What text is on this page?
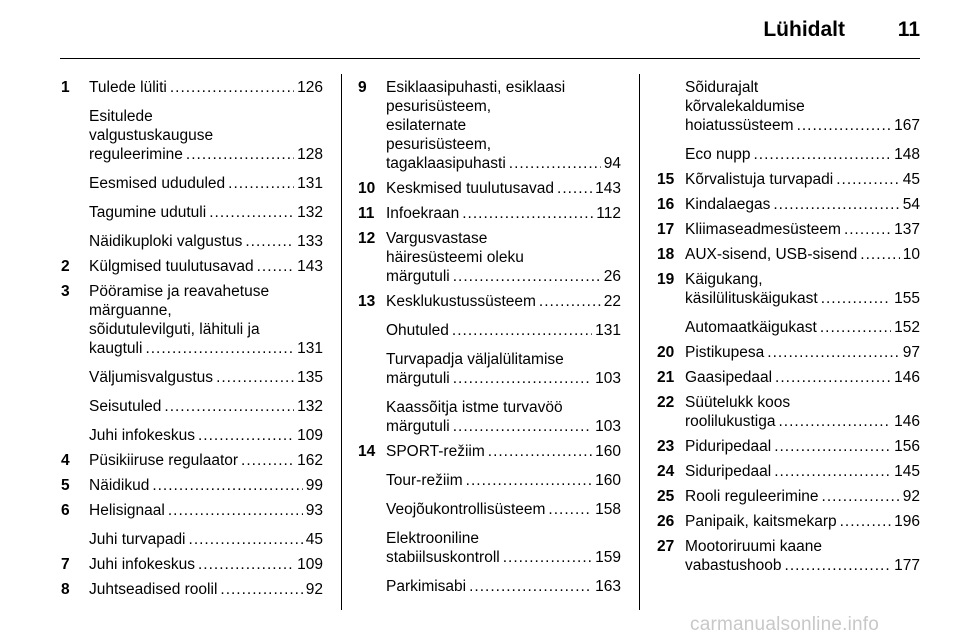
Lühidalt	11
1	Tulede lüliti .....	126
Esitulede
valgustuskauguse
reguleerimine .....	128
Eesmised ududuled .....	131
Tagumine udutuli .....	132
Näidikuploki valgustus .....	133
2	Külgmised tuulutusavad .....	143
3	Pööramise ja reavahetuse
märguanne,
sõidutulevilguti, lähituli ja
kaugtuli .....	131
Väljumisvalgustus .....	135
Seisutuled .....	132
Juhi infokeskus .....	109
4	Püsikiiruse regulaator .....	162
5	Näidikud .....	99
6	Helisignaal .....	93
Juhi turvapadi .....	45
7	Juhi infokeskus .....	109
8	Juhtseadised roolil .....	92
9	Esiklaasipuhasti, esiklaasi
pesurisüsteem,
esilaternate
pesurisüsteem,
tagaklaasipuhasti .....	94
10 Keskmised tuulutusavad .....	143
11 Infoekraan .....	112
12 Vargusvastase
häiresüsteemi oleku
märgutuli .....	26
13 Kesklukustussüsteem .....	22
Ohutuled .....	131
Turvapadja väljalülitamise
märgutuli .....	103
Kaassõitja istme turvavöö
märgutuli .....	103
14 SPORT-režiim .....	160
Tour-režiim .....	160
Veojõukontrollisüsteem .....	158
Elektrooniline
stabiilsuskontroll .....	159
Parkimisabi .....	163
Sõidurajalt
kõrvalekaldumise
hoiatussüsteem .....	167
Eco nupp .....	148
15 Kõrvalistuja turvapadi .....	45
16 Kindalaegas .....	54
17 Kliimaseadmesüsteem .....	137
18 AUX-sisend, USB-sisend .....	10
19 Käigukang,
käsilülituskäigukast .....	155
Automaatkäigukast .....	152
20 Pistikupesa .....	97
21 Gaasipedaal .....	146
22 Süütelukk koos
roolilukustiga .....	146
23 Piduripedaal .....	156
24 Siduripedaal .....	145
25 Rooli reguleerimine .....	92
26 Panipaik, kaitsmekarp .....	196
27 Mootoriruumi kaane
vabastushoob .....	177
carmanualsonline.info
